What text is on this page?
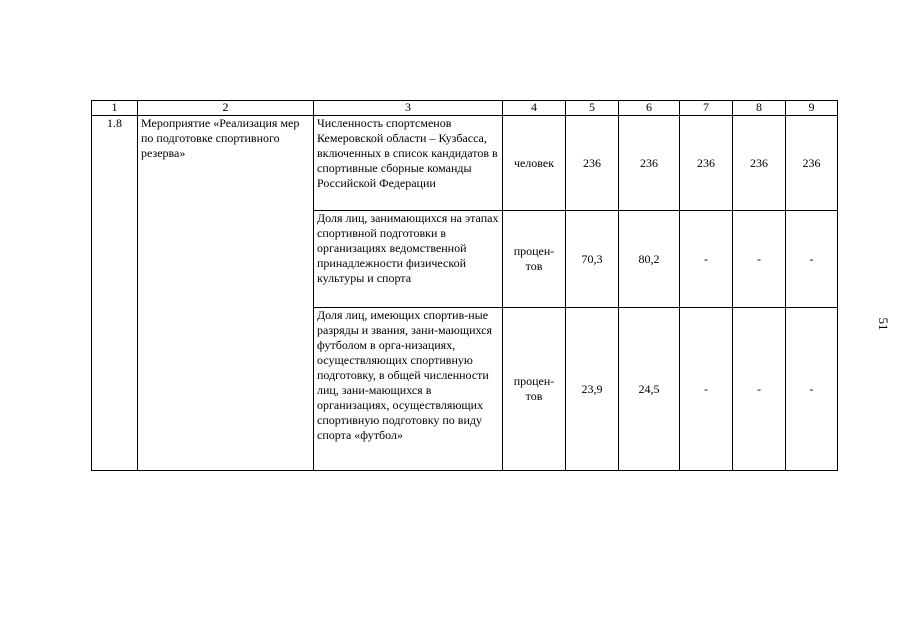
1	2	3	4	5	6	7	8	9
1.8	Мероприятие «Реализация мер по подготовке спортивного резерва»	Численность спортсменов Кемеровской области – Кузбасса, включенных в список кандидатов в спортивные сборные команды Российской Федерации	человек	236	236	236	236	236
		Доля лиц, занимающихся на этапах спортивной подготовки в организациях ведомственной принадлежности физической культуры и спорта	процен-тов	70,3	80,2	-	-	-
		Доля лиц, имеющих спортив-ные разряды и звания, зани-мающихся футболом в орга-низациях, осуществляющих спортивную подготовку, в общей численности лиц, зани-мающихся в организациях, осуществляющих спортивную подготовку по виду спорта «футбол»	процен-тов	23,9	24,5	-	-	-
51
